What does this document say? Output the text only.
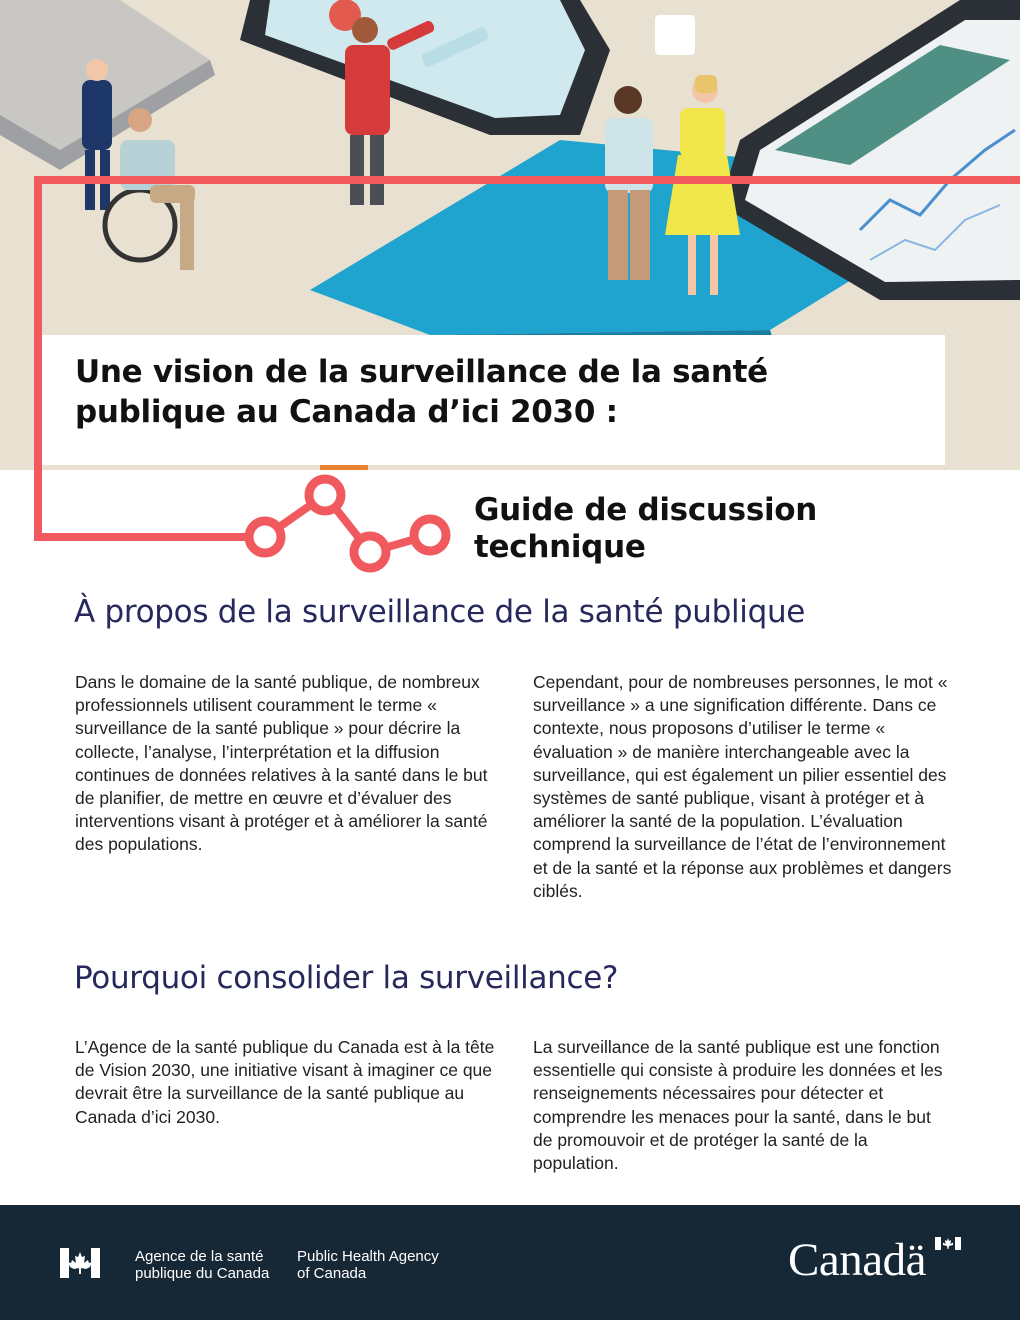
Une vision de la surveillance de la santé publique au Canada d’ici 2030 :
Guide de discussion technique
À propos de la surveillance de la santé publique

Dans le domaine de la santé publique, de nombreux professionnels utilisent couramment le terme « surveillance de la santé publique » pour décrire la collecte, l’analyse, l’interprétation et la diffusion continues de données relatives à la santé dans le but de planifier, de mettre en œuvre et d’évaluer des interventions visant à protéger et à améliorer la santé des populations.

Cependant, pour de nombreuses personnes, le mot « surveillance » a une signification différente. Dans ce contexte, nous proposons d’utiliser le terme « évaluation » de manière interchangeable avec la surveillance, qui est également un pilier essentiel des systèmes de santé publique, visant à protéger et à améliorer la santé de la population. L’évaluation comprend la surveillance de l’état de l’environnement et de la santé et la réponse aux problèmes et dangers ciblés.

Pourquoi consolider la surveillance?

L’Agence de la santé publique du Canada est à la tête de Vision 2030, une initiative visant à imaginer ce que devrait être la surveillance de la santé publique au Canada d’ici 2030.

La surveillance de la santé publique est une fonction essentielle qui consiste à produire les données et les renseignements nécessaires pour détecter et comprendre les menaces pour la santé, dans le but de promouvoir et de protéger la santé de la population.

Agence de la santé publique du Canada
Public Health Agency of Canada	Canadä
